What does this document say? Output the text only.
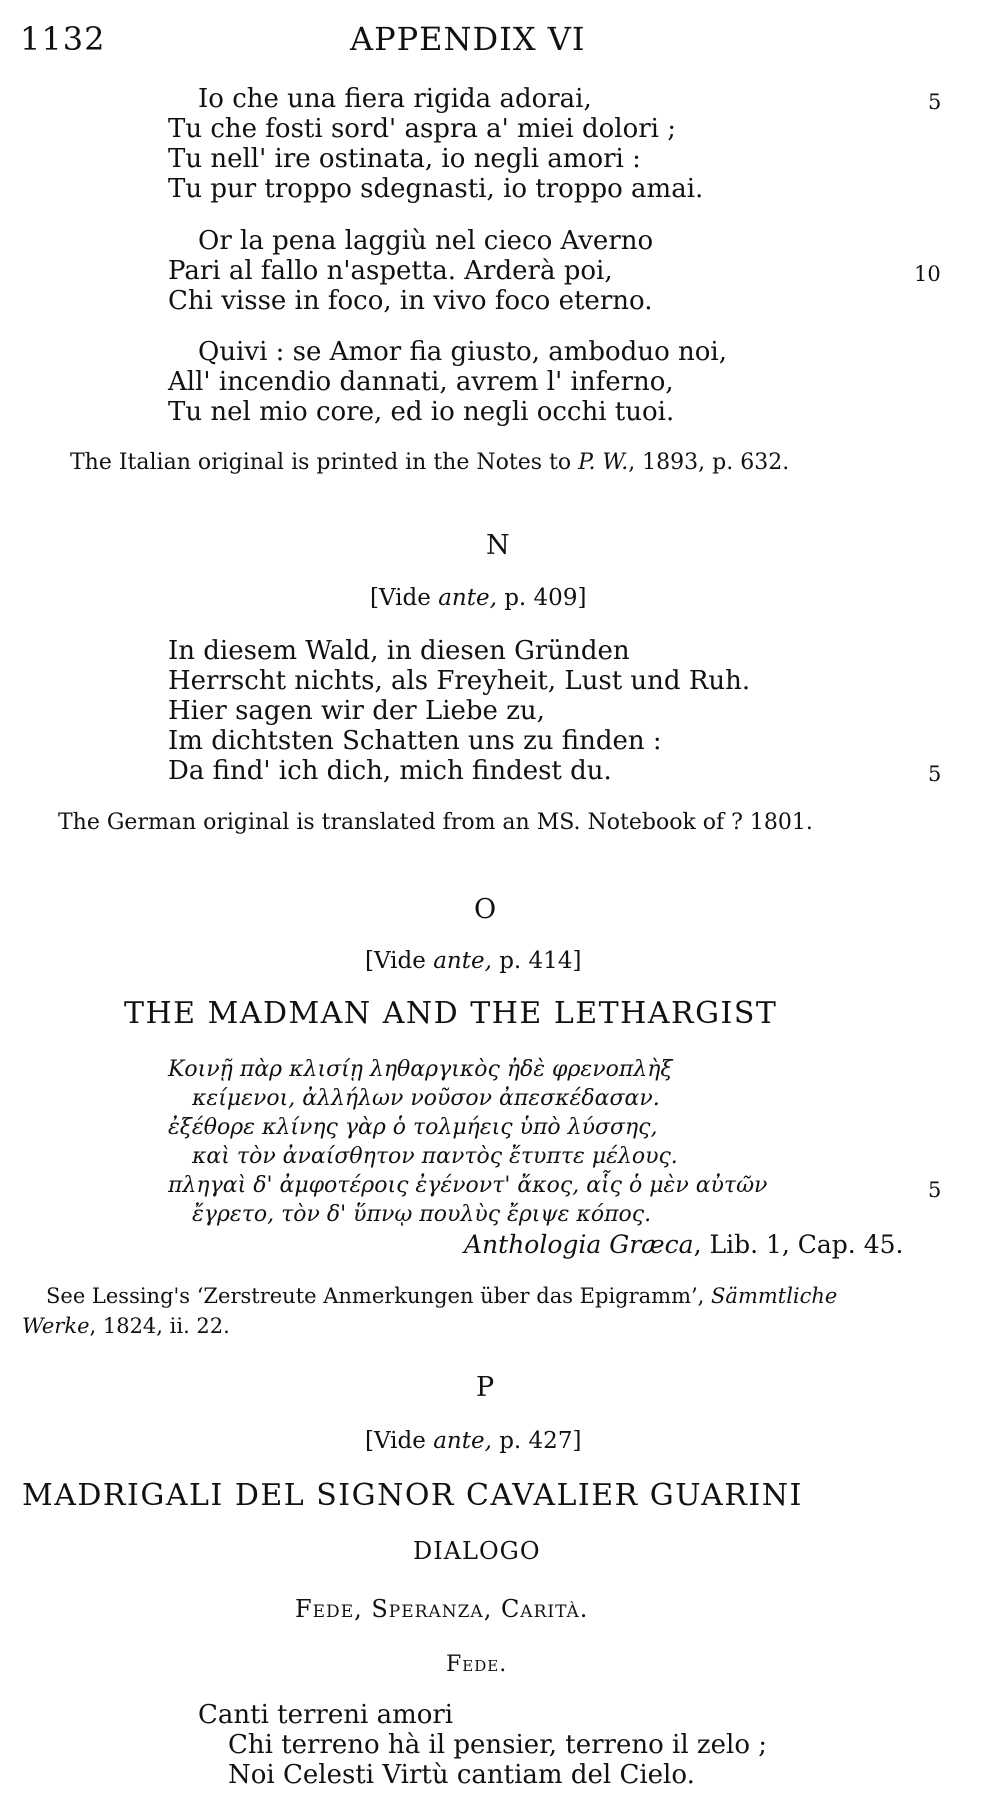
1132	APPENDIX VI
Io che una fiera rigida adorai,
Tu che fosti sord' aspra a' miei dolori ;
Tu nell' ire ostinata, io negli amori :
Tu pur troppo sdegnasti, io troppo amai.
5
Or la pena laggiù nel cieco Averno
Pari al fallo n'aspetta. Arderà poi,
Chi visse in foco, in vivo foco eterno.
10
Quivi : se Amor fia giusto, amboduo noi,
All' incendio dannati, avrem l' inferno,
Tu nel mio core, ed io negli occhi tuoi.
The Italian original is printed in the Notes to P. W., 1893, p. 632.
N
[Vide ante, p. 409]
In diesem Wald, in diesen Gründen
Herrscht nichts, als Freyheit, Lust und Ruh.
Hier sagen wir der Liebe zu,
Im dichtsten Schatten uns zu finden :
Da find' ich dich, mich findest du.	5
The German original is translated from an MS. Notebook of ? 1801.
O
[Vide ante, p. 414]
THE MADMAN AND THE LETHARGIST
Κοινῇ πὰρ κλισίῃ ληθαργικὸς ἠδὲ φρενοπλὴξ
κείμενοι, ἀλλήλων νοῦσον ἀπεσκέδασαν.
ἐξέθορε κλίνης γὰρ ὁ τολμήεις ὑπὸ λύσσης,
καὶ τὸν ἀναίσθητον παντὸς ἔτυπτε μέλους.
πληγαὶ δ' ἀμφοτέροις ἐγένοντ' ἄκος, αἷς ὁ μὲν αὐτῶν
ἔγρετο, τὸν δ' ὕπνῳ πουλὺς ἔριψε κόπος.
5
Anthologia Græca, Lib. 1, Cap. 45.
See Lessing's ‘Zerstreute Anmerkungen über das Epigramm’, Sämmtliche
Werke, 1824, ii. 22.
P
[Vide ante, p. 427]
MADRIGALI DEL SIGNOR CAVALIER GUARINI
DIALOGO
Fede, Speranza, Carità.
Fede.
Canti terreni amori
Chi terreno hà il pensier, terreno il zelo ;
Noi Celesti Virtù cantiam del Cielo.
